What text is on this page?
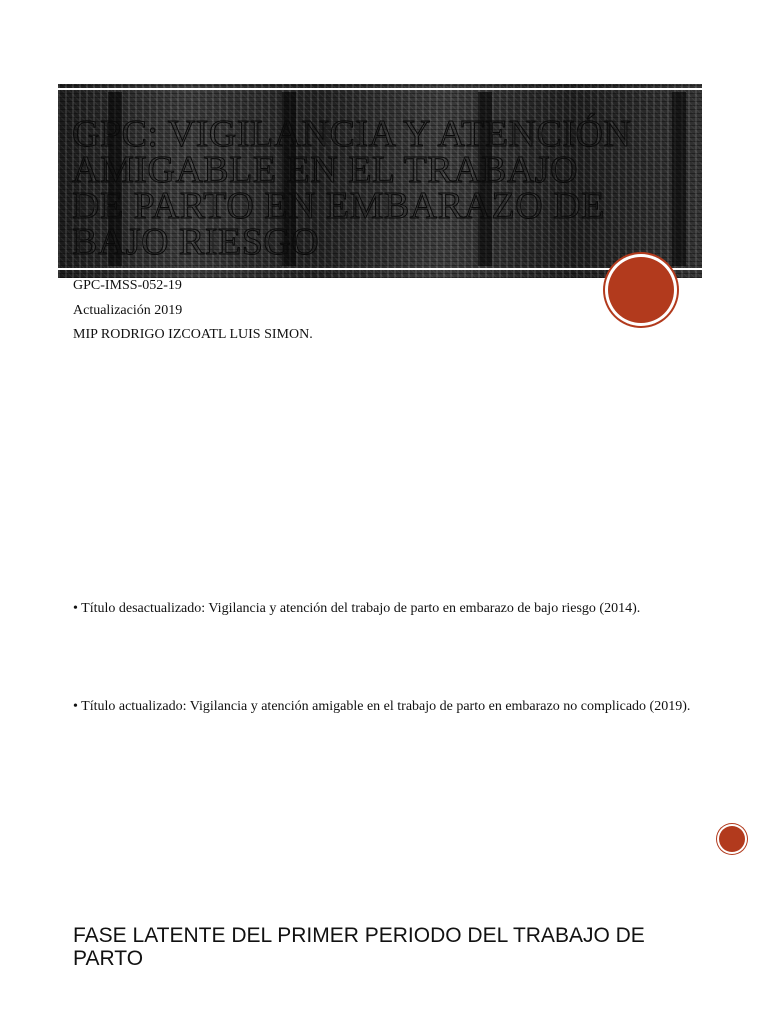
GPC: VIGILANCIA Y ATENCIÓN AMIGABLE EN EL TRABAJO DE PARTO EN EMBARAZO DE BAJO RIESGO

GPC-IMSS-052-19

Actualización 2019

MIP RODRIGO IZCOATL LUIS SIMON.

• Título desactualizado: Vigilancia y atención del trabajo de parto en embarazo de bajo riesgo (2014).

• Título actualizado: Vigilancia y atención amigable en el trabajo de parto en embarazo no complicado (2019).

FASE LATENTE DEL PRIMER PERIODO DEL TRABAJO DE PARTO
